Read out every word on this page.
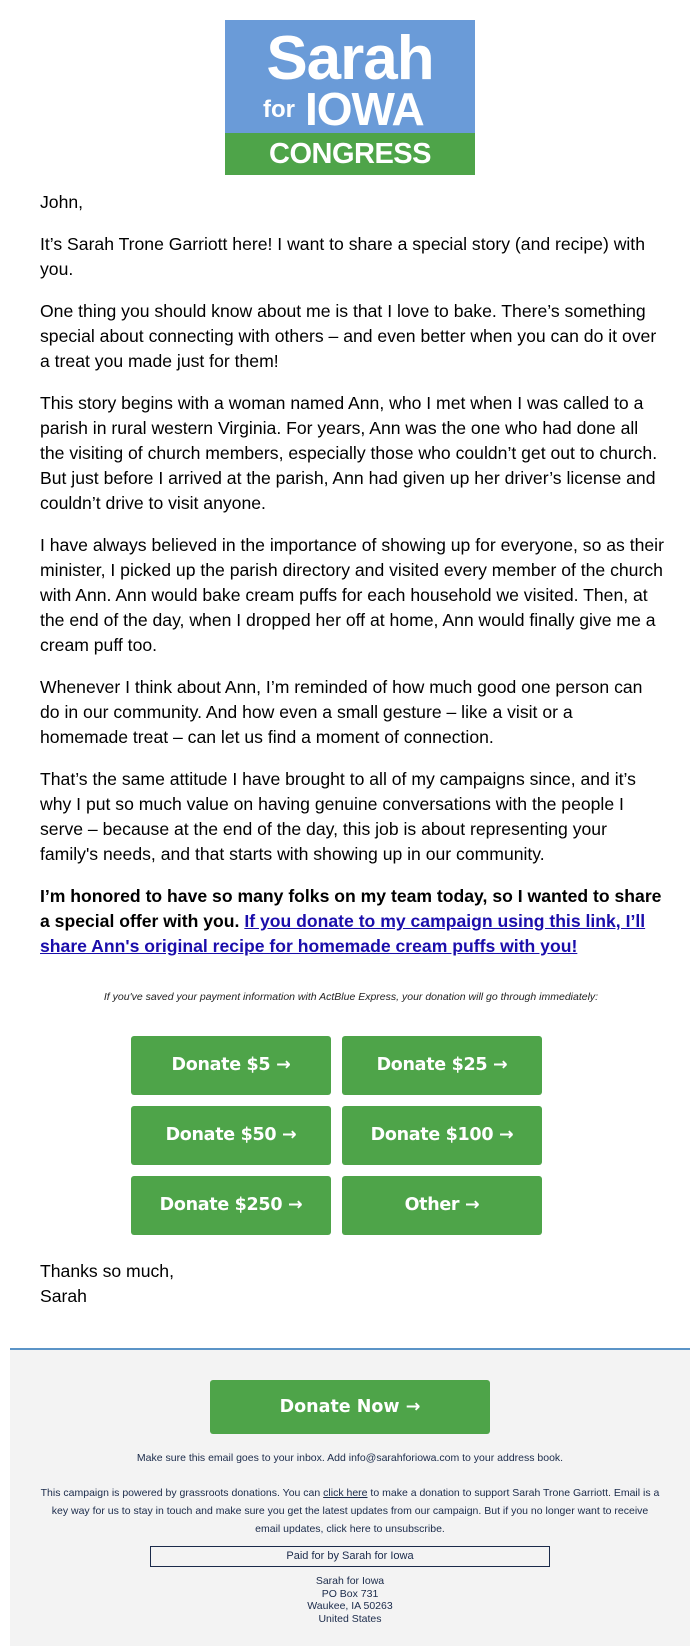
Sarah
for IOWA
CONGRESS

John,

It’s Sarah Trone Garriott here! I want to share a special story (and recipe) with you.

One thing you should know about me is that I love to bake. There’s something special about connecting with others – and even better when you can do it over a treat you made just for them!

This story begins with a woman named Ann, who I met when I was called to a parish in rural western Virginia. For years, Ann was the one who had done all the visiting of church members, especially those who couldn’t get out to church. But just before I arrived at the parish, Ann had given up her driver’s license and couldn’t drive to visit anyone.

I have always believed in the importance of showing up for everyone, so as their minister, I picked up the parish directory and visited every member of the church with Ann. Ann would bake cream puffs for each household we visited. Then, at the end of the day, when I dropped her off at home, Ann would finally give me a cream puff too.

Whenever I think about Ann, I’m reminded of how much good one person can do in our community. And how even a small gesture – like a visit or a homemade treat – can let us find a moment of connection.

That’s the same attitude I have brought to all of my campaigns since, and it’s why I put so much value on having genuine conversations with the people I serve – because at the end of the day, this job is about representing your family's needs, and that starts with showing up in our community.

I’m honored to have so many folks on my team today, so I wanted to share a special offer with you. If you donate to my campaign using this link, I’ll share Ann's original recipe for homemade cream puffs with you!

If you've saved your payment information with ActBlue Express, your donation will go through immediately:
Donate $5 →	Donate $25 →
Donate $50 →	Donate $100 →
Donate $250 →	Other →
Thanks so much,
Sarah
Donate Now →
Make sure this email goes to your inbox. Add info@sarahforiowa.com to your address book.
This campaign is powered by grassroots donations. You can click here to make a donation to support Sarah Trone Garriott. Email is a key way for us to stay in touch and make sure you get the latest updates from our campaign. But if you no longer want to receive email updates, click here to unsubscribe.
Paid for by Sarah for Iowa
Sarah for Iowa
PO Box 731
Waukee, IA 50263
United States
